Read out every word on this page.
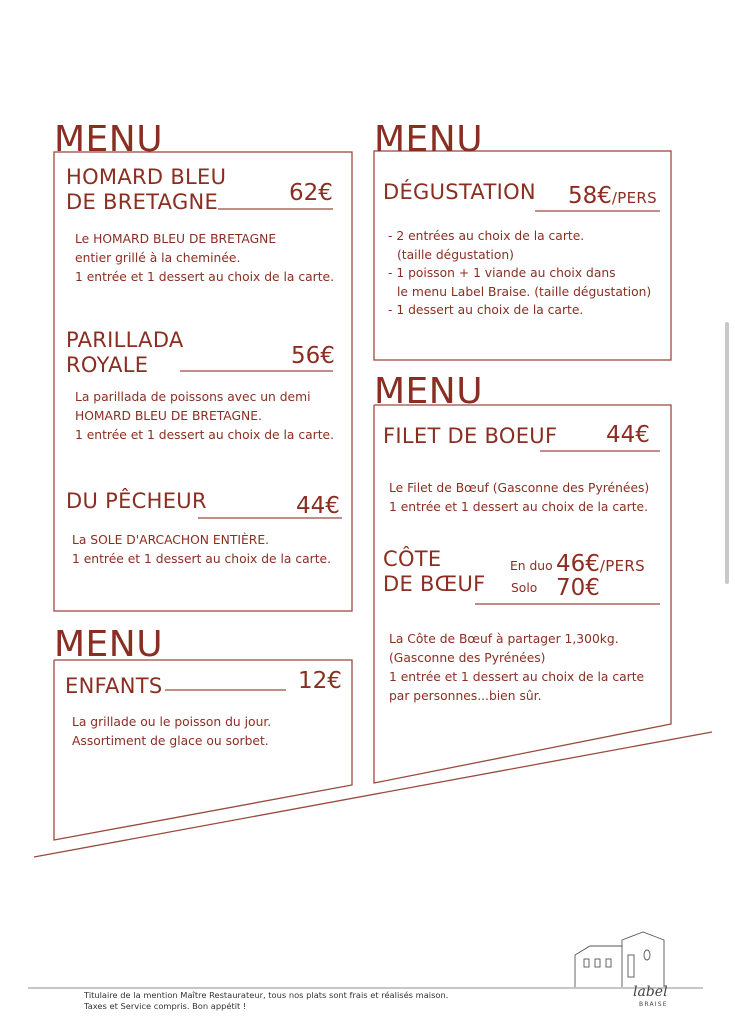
MENU	MENU
MENU
MENU
HOMARD BLEU
DE BRETAGNE	62€
Le HOMARD BLEU DE BRETAGNE
entier grillé à la cheminée.
1 entrée et 1 dessert au choix de la carte.
PARILLADA
ROYALE	56€
La parillada de poissons avec un demi
HOMARD BLEU DE BRETAGNE.
1 entrée et 1 dessert au choix de la carte.
DU PÊCHEUR	44€
La SOLE D'ARCACHON ENTIÈRE.
1 entrée et 1 dessert au choix de la carte.
ENFANTS	12€
La grillade ou le poisson du jour.
Assortiment de glace ou sorbet.
DÉGUSTATION 58€/PERS
- 2 entrées au choix de la carte.
(taille dégustation)
- 1 poisson + 1 viande au choix dans
le menu Label Braise. (taille dégustation)
- 1 dessert au choix de la carte.
FILET DE BOEUF 44€
Le Filet de Bœuf (Gasconne des Pyrénées)
1 entrée et 1 dessert au choix de la carte.
CÔTE
DE BŒUF
En duo 46€/PERS
Solo 70€
La Côte de Bœuf à partager 1,300kg.
(Gasconne des Pyrénées)
1 entrée et 1 dessert au choix de la carte
par personnes...bien sûr.
Titulaire de la mention Maître Restaurateur, tous nos plats sont frais et réalisés maison.
Taxes et Service compris. Bon appétit !
label
BRAISE
